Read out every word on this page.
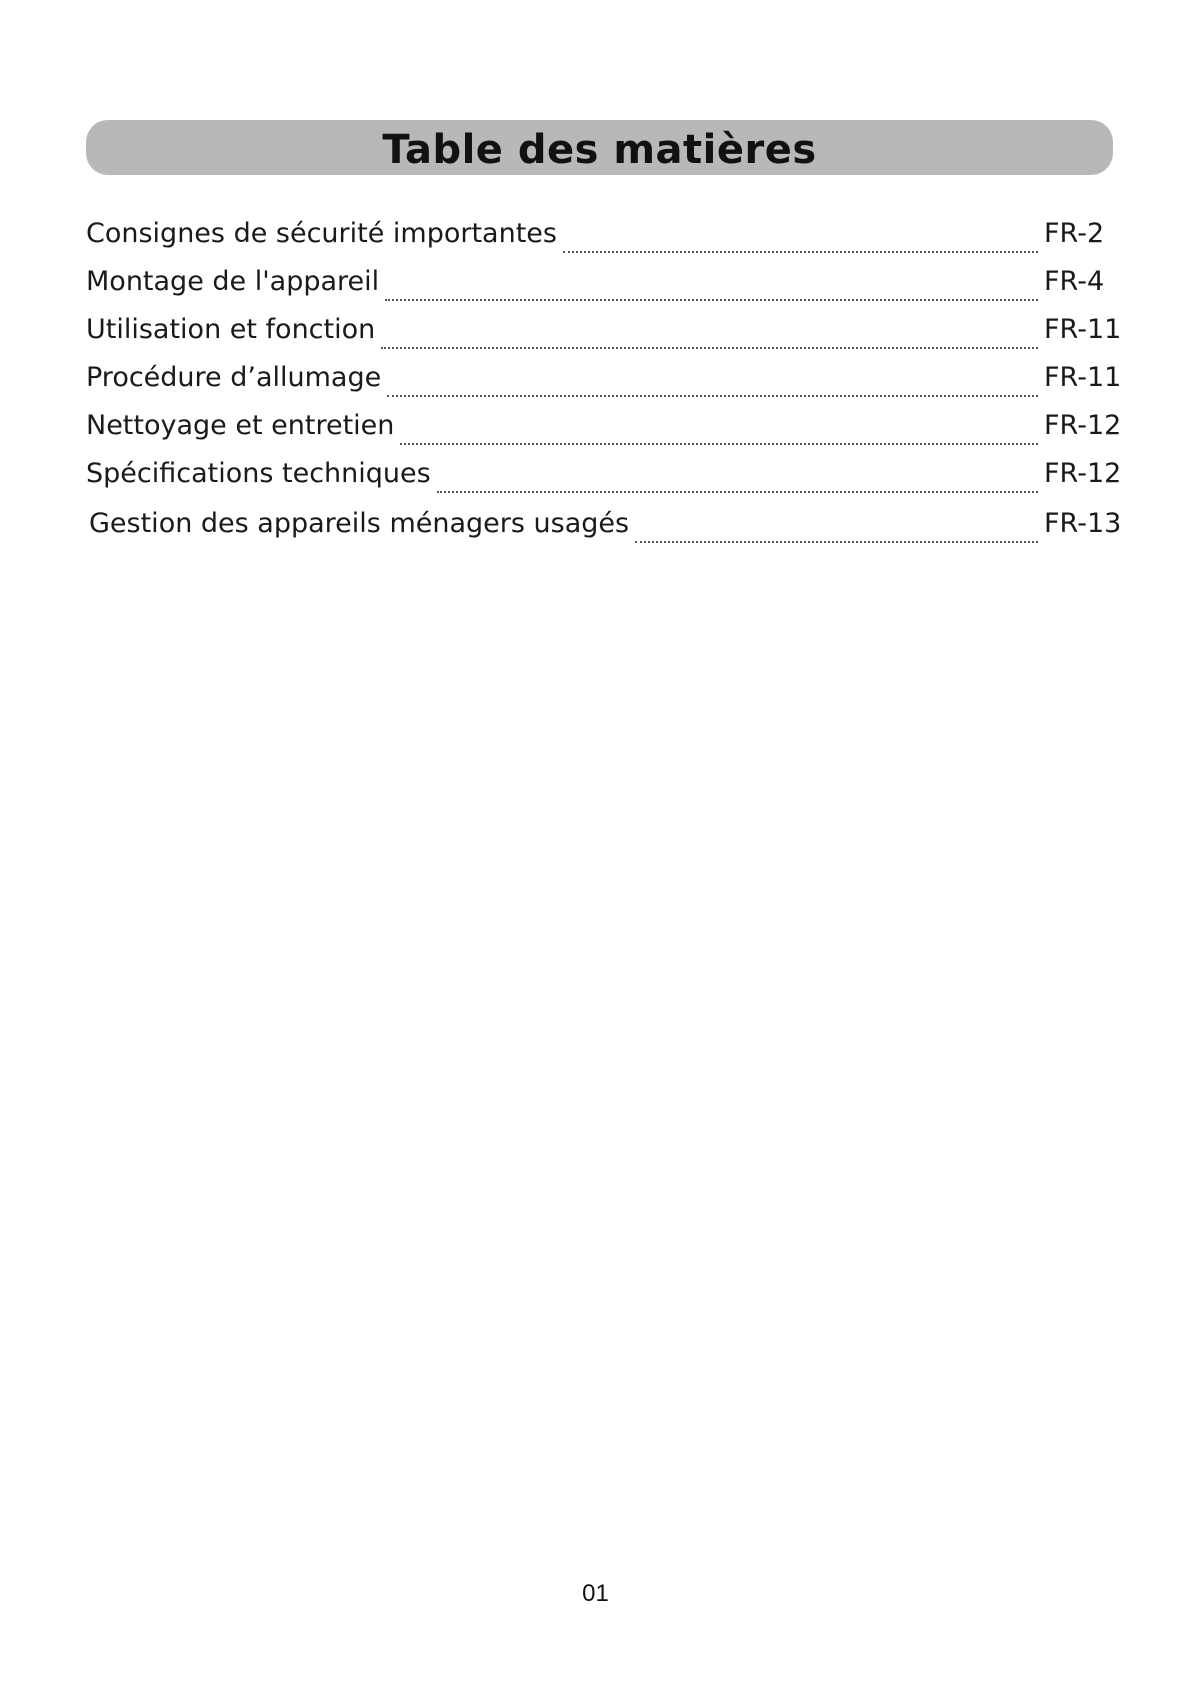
Table des matières
Consignes de sécurité importantes	FR-2
Montage de l'appareil	FR-4
Utilisation et fonction	FR-11
Procédure d’allumage	FR-11
Nettoyage et entretien	FR-12
Spécifications techniques	FR-12
Gestion des appareils ménagers usagés	FR-13
01
